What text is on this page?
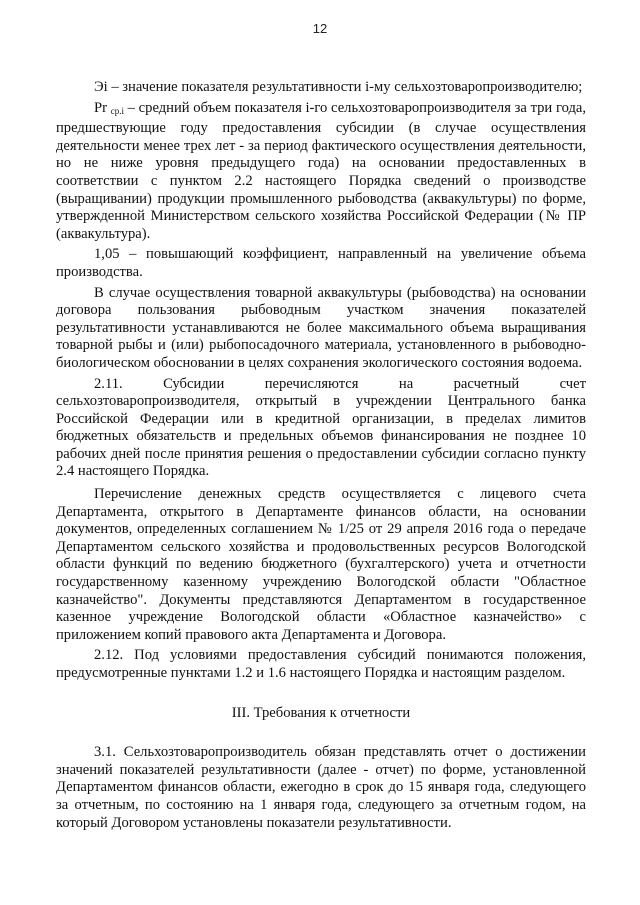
12

Эi – значение показателя результативности i-му сельхозтоваропроизводителю;

Pr $_{ср.i}$ – средний объем показателя i-го сельхозтоваропроизводителя за три года, предшествующие году предоставления субсидии (в случае осуществления деятельности менее трех лет - за период фактического осуществления деятельности, но не ниже уровня предыдущего года) на основании предоставленных в соответствии с пунктом 2.2 настоящего Порядка сведений о производстве (выращивании) продукции промышленного рыбоводства (аквакультуры) по форме, утвержденной Министерством сельского хозяйства Российской Федерации (№ ПР (аквакультура).

1,05 – повышающий коэффициент, направленный на увеличение объема производства.

В случае осуществления товарной аквакультуры (рыбоводства) на основании договора пользования рыбоводным участком значения показателей результативности устанавливаются не более максимального объема выращивания товарной рыбы и (или) рыбопосадочного материала, установленного в рыбоводно-биологическом обосновании в целях сохранения экологического состояния водоема.

2.11. Субсидии перечисляются на расчетный счет сельхозтоваропроизводителя, открытый в учреждении Центрального банка Российской Федерации или в кредитной организации, в пределах лимитов бюджетных обязательств и предельных объемов финансирования не позднее 10 рабочих дней после принятия решения о предоставлении субсидии согласно пункту 2.4 настоящего Порядка.

Перечисление денежных средств осуществляется с лицевого счета Департамента, открытого в Департаменте финансов области, на основании документов, определенных соглашением № 1/25 от 29 апреля 2016 года о передаче Департаментом сельского хозяйства и продовольственных ресурсов Вологодской области функций по ведению бюджетного (бухгалтерского) учета и отчетности государственному казенному учреждению Вологодской области "Областное казначейство". Документы представляются Департаментом в государственное казенное учреждение Вологодской области «Областное казначейство» с приложением копий правового акта Департамента и Договора.

2.12. Под условиями предоставления субсидий понимаются положения, предусмотренные пунктами 1.2 и 1.6 настоящего Порядка и настоящим разделом.

III. Требования к отчетности

3.1. Сельхозтоваропроизводитель обязан представлять отчет о достижении значений показателей результативности (далее - отчет) по форме, установленной Департаментом финансов области, ежегодно в срок до 15 января года, следующего за отчетным, по состоянию на 1 января года, следующего за отчетным годом, на который Договором установлены показатели результативности.
